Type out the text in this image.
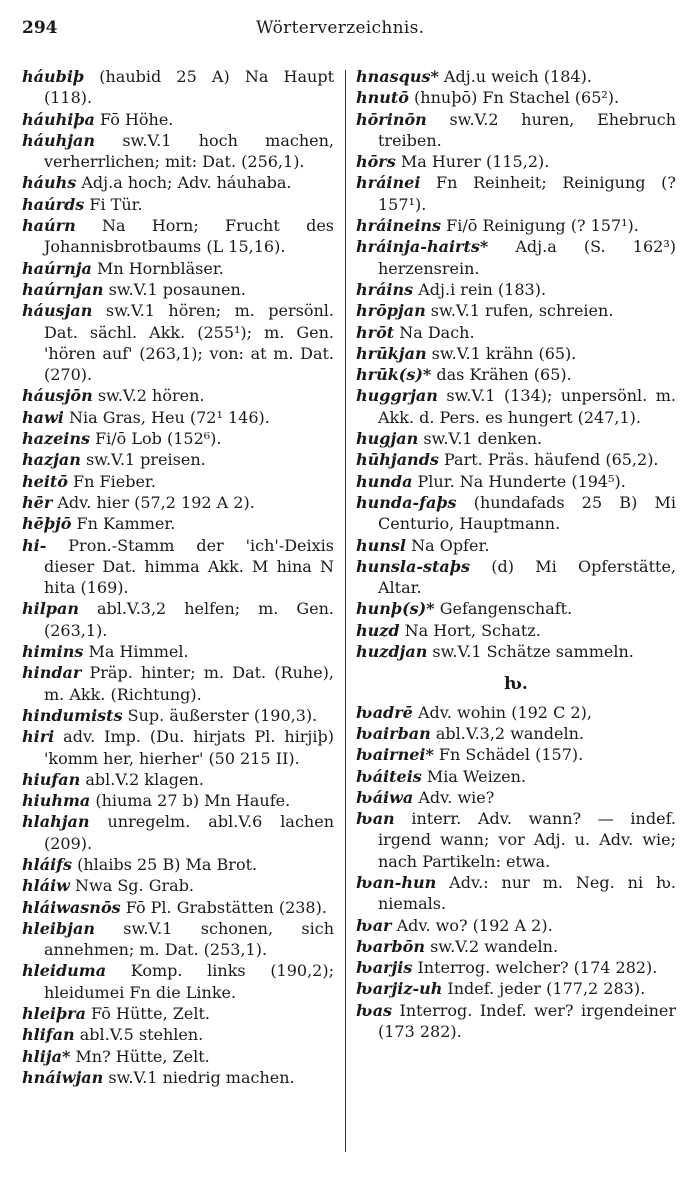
294	Wörterverzeichnis.

háubiþ (haubid 25 A) Na Haupt (118).

háuhiþa Fō Höhe.

háuhjan sw.V.1 hoch machen, verherrlichen; mit: Dat. (256,1).

háuhs Adj.a hoch; Adv. háuhaba.

haúrds Fi Tür.

haúrn Na Horn; Frucht des Johannisbrotbaums (L 15,16).

haúrnja Mn Hornbläser.

haúrnjan sw.V.1 posaunen.

háusjan sw.V.1 hören; m. persönl. Dat. sächl. Akk. (255¹); m. Gen. 'hören auf' (263,1); von: at m. Dat. (270).

háusjōn sw.V.2 hören.

hawi Nia Gras, Heu (72¹ 146).

hazeins Fi/ō Lob (152⁶).

hazjan sw.V.1 preisen.

heitō Fn Fieber.

hēr Adv. hier (57,2 192 A 2).

hēþjō Fn Kammer.

hi- Pron.-Stamm der 'ich'-Deixis dieser Dat. himma Akk. M hina N hita (169).

hilpan abl.V.3,2 helfen; m. Gen. (263,1).

himins Ma Himmel.

hindar Präp. hinter; m. Dat. (Ruhe), m. Akk. (Richtung).

hindumists Sup. äußerster (190,3).

hiri adv. Imp. (Du. hirjats Pl. hirjiþ) 'komm her, hierher' (50 215 II).

hiufan abl.V.2 klagen.

hiuhma (hiuma 27 b) Mn Haufe.

hlahjan unregelm. abl.V.6 lachen (209).

hláifs (hlaibs 25 B) Ma Brot.

hláiw Nwa Sg. Grab.

hláiwasnōs Fō Pl. Grabstätten (238).

hleibjan sw.V.1 schonen, sich annehmen; m. Dat. (253,1).

hleiduma Komp. links (190,2); hleidumei Fn die Linke.

hleiþra Fō Hütte, Zelt.

hlifan abl.V.5 stehlen.

hlija* Mn? Hütte, Zelt.

hnáiwjan sw.V.1 niedrig machen.

hnasqus* Adj.u weich (184).

hnutō (hnuþō) Fn Stachel (65²).

hōrinōn sw.V.2 huren, Ehebruch treiben.

hōrs Ma Hurer (115,2).

hráinei Fn Reinheit; Reinigung (? 157¹).

hráineins Fi/ō Reinigung (? 157¹).

hráinja-hairts* Adj.a (S. 162³) herzensrein.

hráins Adj.i rein (183).

hrōpjan sw.V.1 rufen, schreien.

hrōt Na Dach.

hrūkjan sw.V.1 krähn (65).

hrūk(s)* das Krähen (65).

huggrjan sw.V.1 (134); unpersönl. m. Akk. d. Pers. es hungert (247,1).

hugjan sw.V.1 denken.

hūhjands Part. Präs. häufend (65,2).

hunda Plur. Na Hunderte (194⁵).

hunda-faþs (hundafads 25 B) Mi Centurio, Hauptmann.

hunsl Na Opfer.

hunsla-staþs (d) Mi Opferstätte, Altar.

hunþ(s)* Gefangenschaft.

huzd Na Hort, Schatz.

huzdjan sw.V.1 Schätze sammeln.

ƕ.

ƕadrē Adv. wohin (192 C 2),

ƕairban abl.V.3,2 wandeln.

ƕairnei* Fn Schädel (157).

ƕáiteis Mia Weizen.

ƕáiwa Adv. wie?

ƕan interr. Adv. wann? — indef. irgend wann; vor Adj. u. Adv. wie; nach Partikeln: etwa.

ƕan-hun Adv.: nur m. Neg. ni ƕ. niemals.

ƕar Adv. wo? (192 A 2).

ƕarbōn sw.V.2 wandeln.

ƕarjis Interrog. welcher? (174 282).

ƕarjiz-uh Indef. jeder (177,2 283).

ƕas Interrog. Indef. wer? irgendeiner (173 282).
